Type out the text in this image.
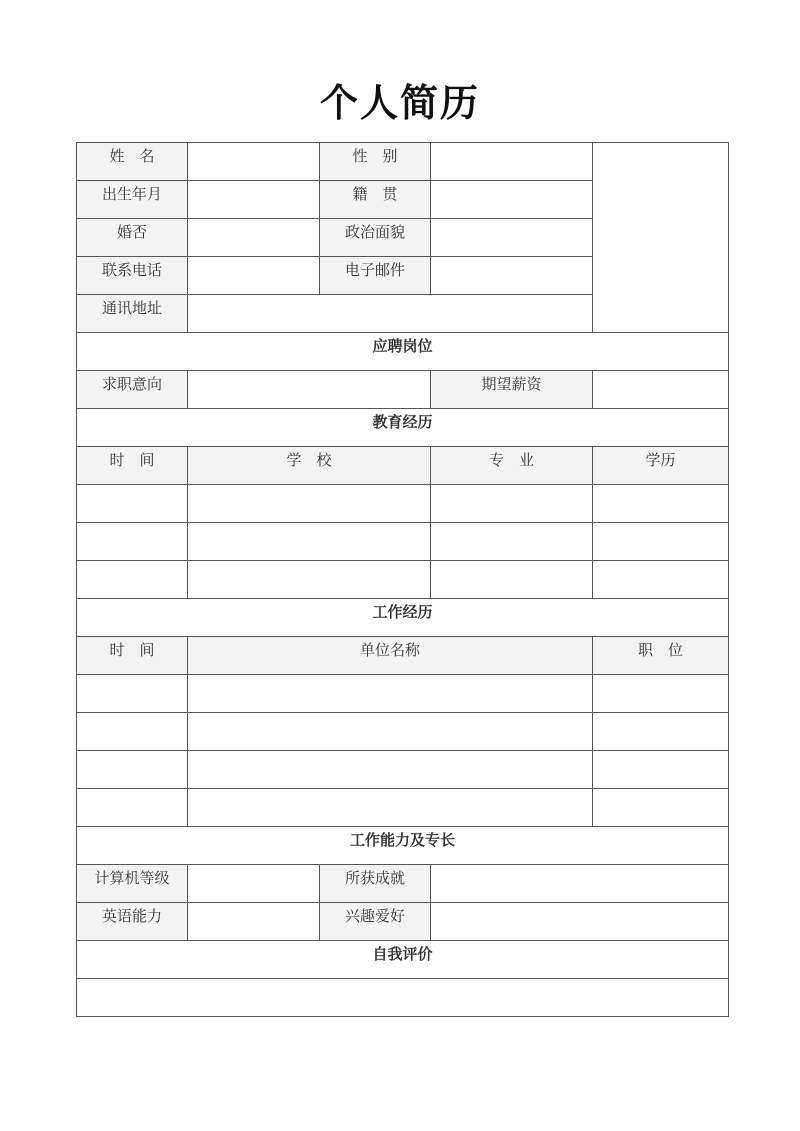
个人简历
姓　名		性　别		
出生年月		籍　贯		
婚否		政治面貌		
联系电话		电子邮件		
通讯地址				
应聘岗位				
求职意向			期望薪资	
教育经历				
时　间	学　校		专　业	学历

工作经历				
时　间	单位名称			职　位

工作能力及专长				
计算机等级		所获成就		
英语能力		兴趣爱好		
自我评价				
